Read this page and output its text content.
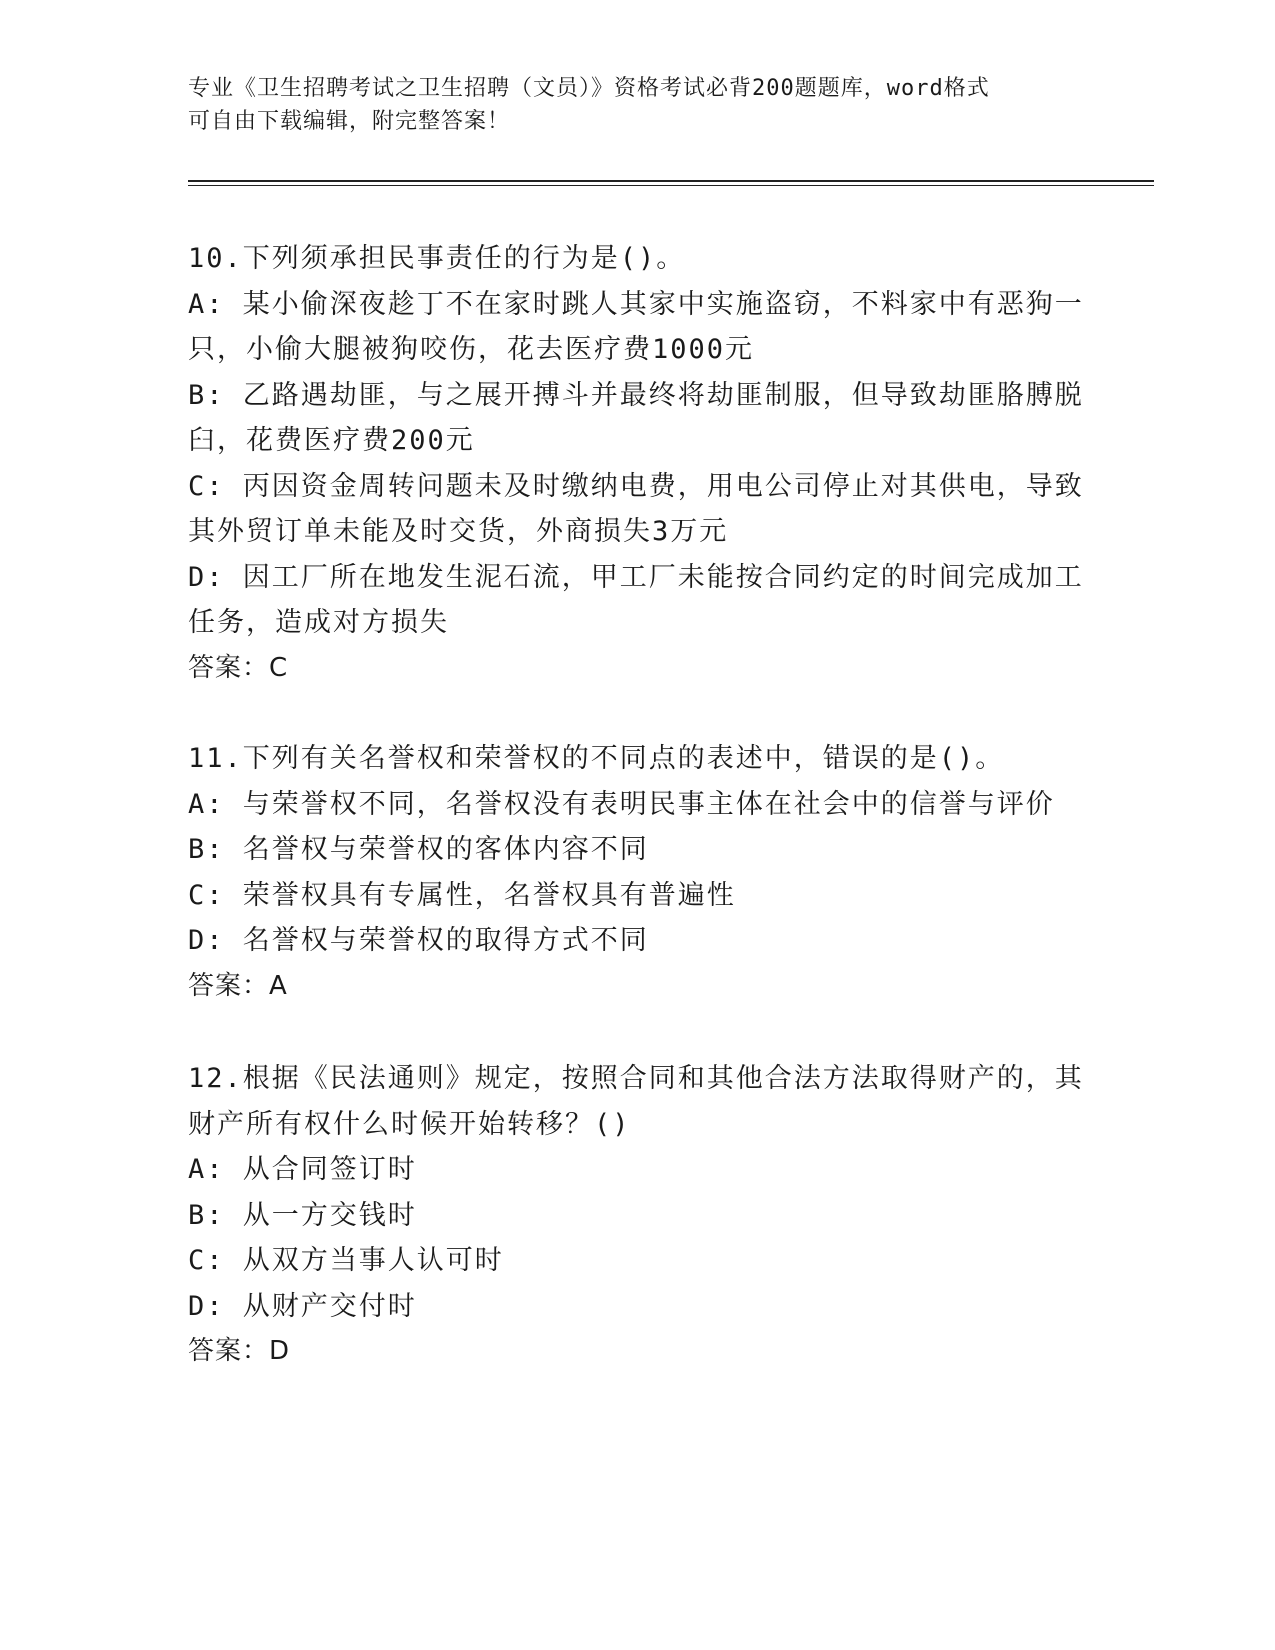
专业《卫生招聘考试之卫生招聘（文员）》资格考试必背200题题库，word格式
可自由下载编辑，附完整答案！
10.下列须承担民事责任的行为是()。
A: 某小偷深夜趁丁不在家时跳人其家中实施盗窃，不料家中有恶狗一
只，小偷大腿被狗咬伤，花去医疗费1000元
B: 乙路遇劫匪，与之展开搏斗并最终将劫匪制服，但导致劫匪胳膊脱
臼，花费医疗费200元
C: 丙因资金周转问题未及时缴纳电费，用电公司停止对其供电，导致
其外贸订单未能及时交货，外商损失3万元
D: 因工厂所在地发生泥石流，甲工厂未能按合同约定的时间完成加工
任务，造成对方损失
答案：C
11.下列有关名誉权和荣誉权的不同点的表述中，错误的是()。
A: 与荣誉权不同，名誉权没有表明民事主体在社会中的信誉与评价
B: 名誉权与荣誉权的客体内容不同
C: 荣誉权具有专属性，名誉权具有普遍性
D: 名誉权与荣誉权的取得方式不同
答案：A
12.根据《民法通则》规定，按照合同和其他合法方法取得财产的，其
财产所有权什么时候开始转移？()
A: 从合同签订时
B: 从一方交钱时
C: 从双方当事人认可时
D: 从财产交付时
答案：D
